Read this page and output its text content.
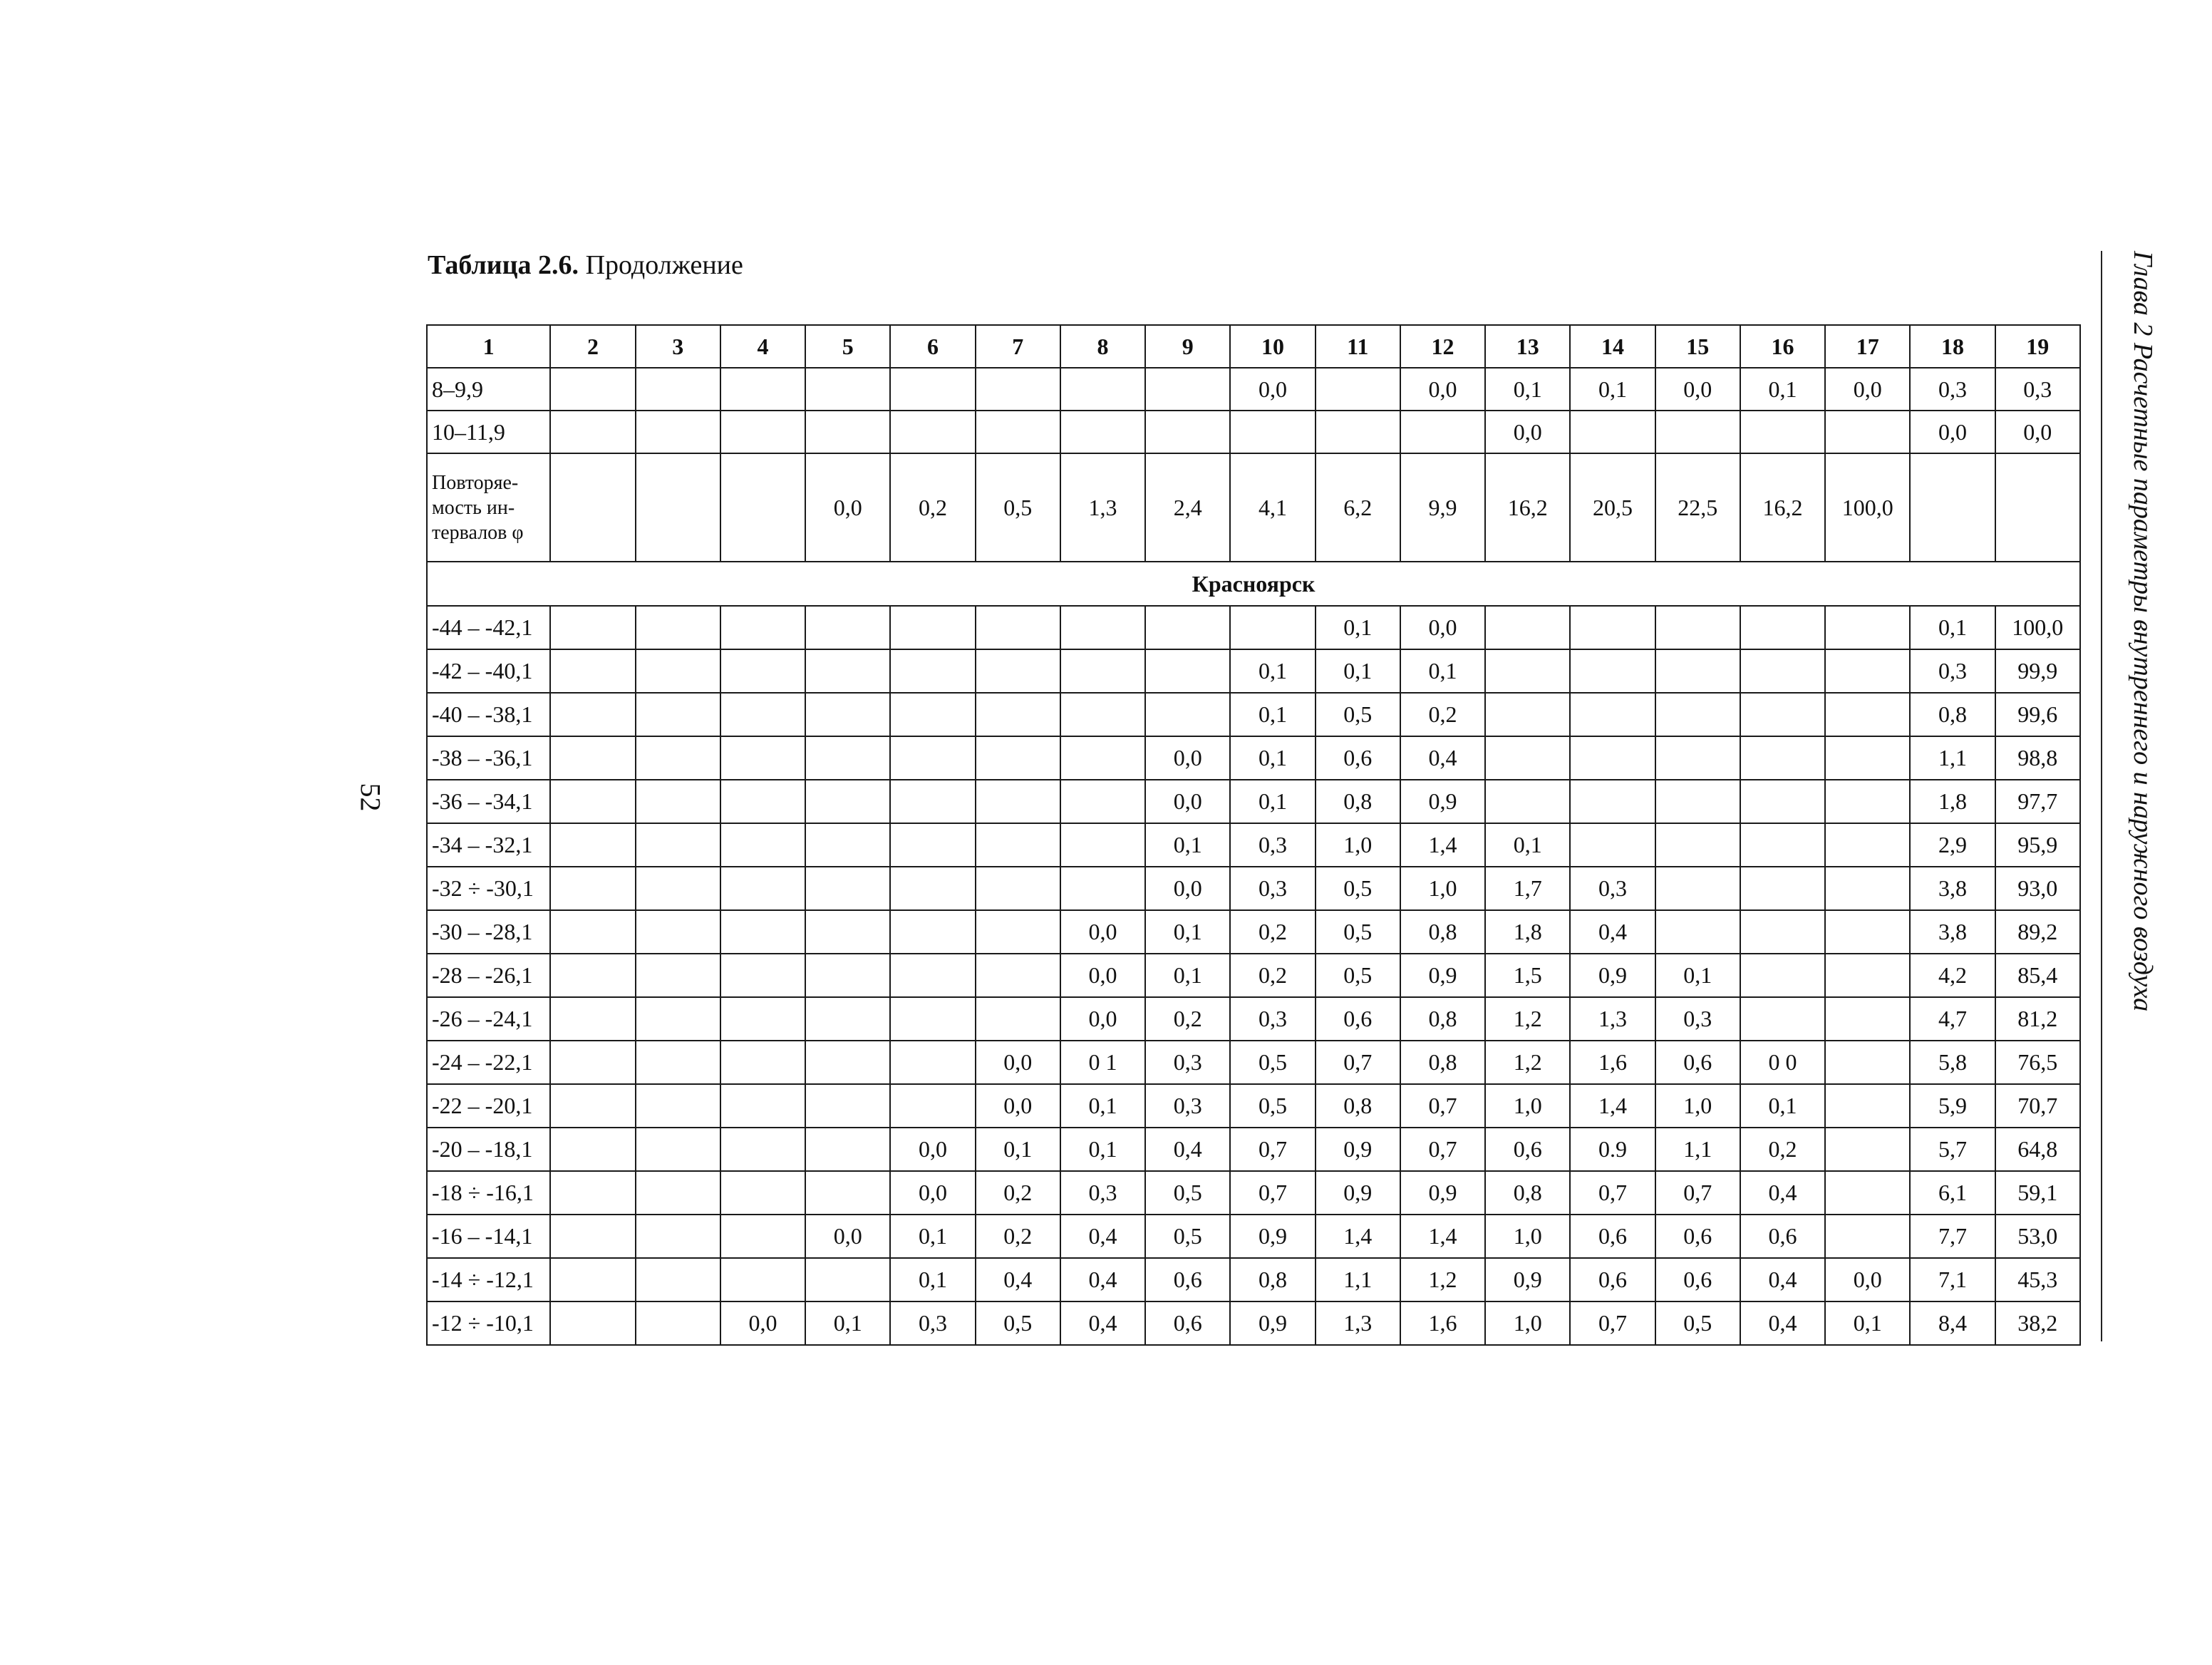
Таблица 2.6. Продолжение
1	2	3	4	5	6	7	8	9	10	11	12	13	14	15	16	17	18	19
8–9,9									0,0		0,0	0,1	0,1	0,0	0,1	0,0	0,3	0,3
10–11,9												0,0					0,0	0,0

Повторяе-
мость ин-
тервалов φ				0,0	0,2	0,5	1,3	2,4	4,1	6,2	9,9	16,2	20,5	22,5	16,2	100,0		
Красноярск																		
-44 – -42,1										0,1	0,0						0,1	100,0
-42 – -40,1									0,1	0,1	0,1						0,3	99,9
-40 – -38,1									0,1	0,5	0,2						0,8	99,6
-38 – -36,1								0,0	0,1	0,6	0,4						1,1	98,8
-36 – -34,1								0,0	0,1	0,8	0,9						1,8	97,7
-34 – -32,1								0,1	0,3	1,0	1,4	0,1					2,9	95,9
-32 ÷ -30,1								0,0	0,3	0,5	1,0	1,7	0,3				3,8	93,0
-30 – -28,1							0,0	0,1	0,2	0,5	0,8	1,8	0,4				3,8	89,2
-28 – -26,1							0,0	0,1	0,2	0,5	0,9	1,5	0,9	0,1			4,2	85,4
-26 – -24,1							0,0	0,2	0,3	0,6	0,8	1,2	1,3	0,3			4,7	81,2
-24 – -22,1						0,0	0 1	0,3	0,5	0,7	0,8	1,2	1,6	0,6	0 0		5,8	76,5
-22 – -20,1						0,0	0,1	0,3	0,5	0,8	0,7	1,0	1,4	1,0	0,1		5,9	70,7
-20 – -18,1					0,0	0,1	0,1	0,4	0,7	0,9	0,7	0,6	0.9	1,1	0,2		5,7	64,8
-18 ÷ -16,1					0,0	0,2	0,3	0,5	0,7	0,9	0,9	0,8	0,7	0,7	0,4		6,1	59,1
-16 – -14,1				0,0	0,1	0,2	0,4	0,5	0,9	1,4	1,4	1,0	0,6	0,6	0,6		7,7	53,0
-14 ÷ -12,1					0,1	0,4	0,4	0,6	0,8	1,1	1,2	0,9	0,6	0,6	0,4	0,0	7,1	45,3
-12 ÷ -10,1			0,0	0,1	0,3	0,5	0,4	0,6	0,9	1,3	1,6	1,0	0,7	0,5	0,4	0,1	8,4	38,2
52	Глава 2 Расчетные параметры внутреннего и наружного воздуха
